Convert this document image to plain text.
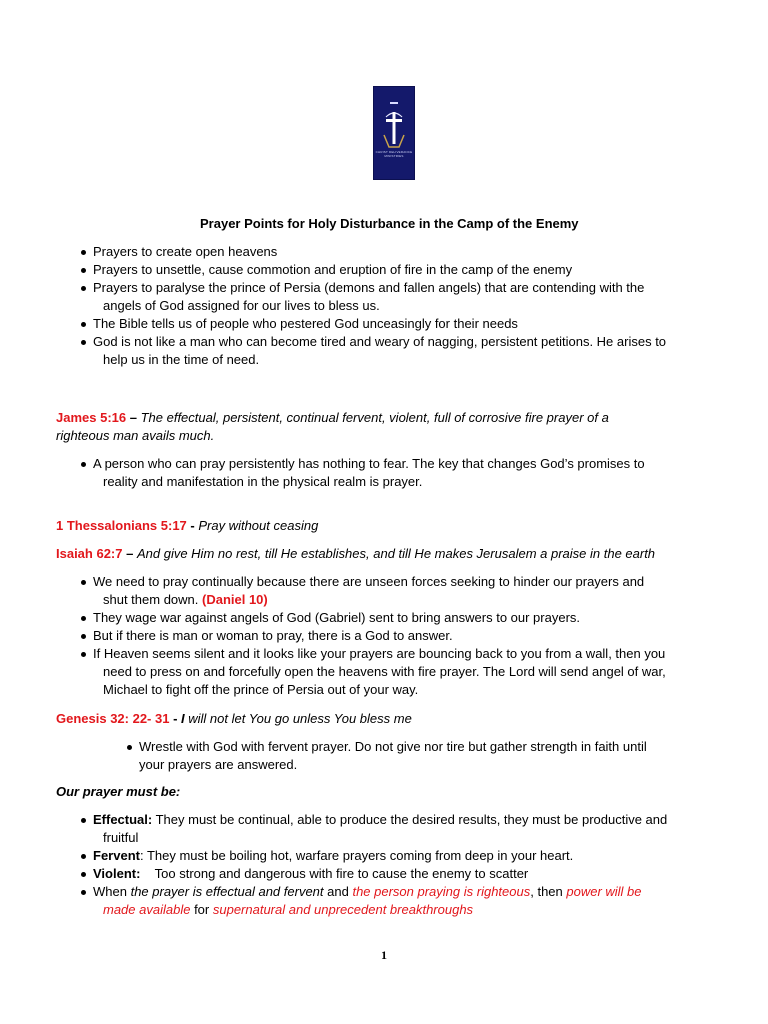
CHRIST DELIVERANCE MINISTRIES
Prayer Points for Holy Disturbance in the Camp of the Enemy
Prayers to create open heavens
Prayers to unsettle, cause commotion and eruption of fire in the camp of the enemy
Prayers to paralyse the prince of Persia (demons and fallen angels) that are contending with the
angels of God assigned for our lives to bless us.
The Bible tells us of people who pestered God unceasingly for their needs
God is not like a man who can become tired and weary of nagging, persistent petitions. He arises to
help us in the time of need.
James 5:16 – The effectual, persistent, continual fervent, violent, full of corrosive fire prayer of a
righteous man avails much.
A person who can pray persistently has nothing to fear. The key that changes God’s promises to
reality and manifestation in the physical realm is prayer.
1 Thessalonians 5:17 - Pray without ceasing
Isaiah 62:7 – And give Him no rest, till He establishes, and till He makes Jerusalem a praise in the earth
We need to pray continually because there are unseen forces seeking to hinder our prayers and
shut them down. (Daniel 10)
They wage war against angels of God (Gabriel) sent to bring answers to our prayers.
But if there is man or woman to pray, there is a God to answer.
If Heaven seems silent and it looks like your prayers are bouncing back to you from a wall, then you
need to press on and forcefully open the heavens with fire prayer. The Lord will send angel of war,
Michael to fight off the prince of Persia out of your way.
Genesis 32: 22- 31 - I will not let You go unless You bless me
Wrestle with God with fervent prayer. Do not give nor tire but gather strength in faith until
your prayers are answered.
Our prayer must be:
Effectual: They must be continual, able to produce the desired results, they must be productive and
fruitful
Fervent: They must be boiling hot, warfare prayers coming from deep in your heart.
Violent:    Too strong and dangerous with fire to cause the enemy to scatter
When the prayer is effectual and fervent and the person praying is righteous, then power will be
made available for supernatural and unprecedent breakthroughs
1
